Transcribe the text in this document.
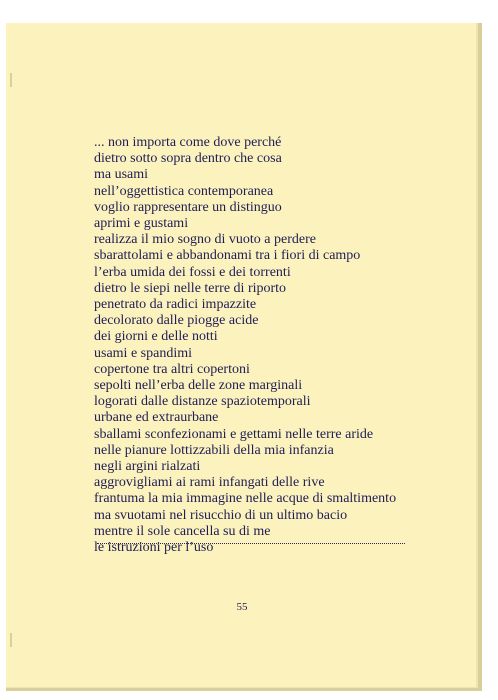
... non importa come dove perché
dietro sotto sopra dentro che cosa
ma usami
nell’oggettistica contemporanea
voglio rappresentare un distinguo
aprimi e gustami
realizza il mio sogno di vuoto a perdere
sbarattolami e abbandonami tra i fiori di campo
l’erba umida dei fossi e dei torrenti
dietro le siepi nelle terre di riporto
penetrato da radici impazzite
decolorato dalle piogge acide
dei giorni e delle notti
usami e spandimi
copertone tra altri copertoni
sepolti nell’erba delle zone marginali
logorati dalle distanze spaziotemporali
urbane ed extraurbane
sballami sconfezionami e gettami nelle terre aride
nelle pianure lottizzabili della mia infanzia
negli argini rialzati
aggrovigliami ai rami infangati delle rive
frantuma la mia immagine nelle acque di smaltimento
ma svuotami nel risucchio di un ultimo bacio
mentre il sole cancella su di me
le istruzioni per l’uso
55
